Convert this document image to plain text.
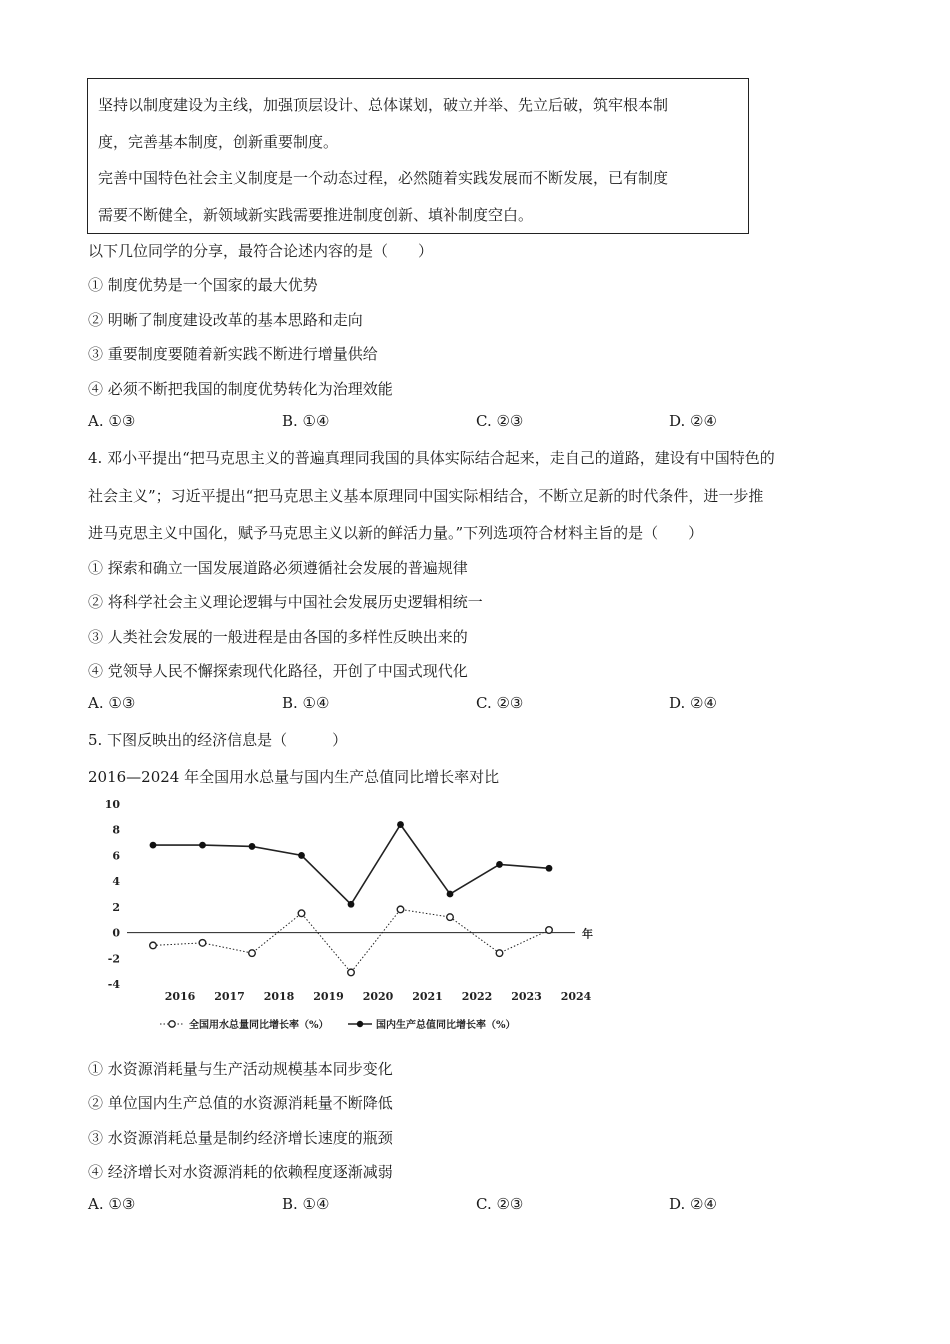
坚持以制度建设为主线，加强顶层设计、总体谋划，破立并举、先立后破，筑牢根本制

度，完善基本制度，创新重要制度。

完善中国特色社会主义制度是一个动态过程，必然随着实践发展而不断发展，已有制度

需要不断健全，新领域新实践需要推进制度创新、填补制度空白。

以下几位同学的分享，最符合论述内容的是（　　）
① 制度优势是一个国家的最大优势
② 明晰了制度建设改革的基本思路和走向
③ 重要制度要随着新实践不断进行增量供给
④ 必须不断把我国的制度优势转化为治理效能
A. ①③	B. ①④	C. ②③	D. ②④
4. 邓小平提出“把马克思主义的普遍真理同我国的具体实际结合起来，走自己的道路，建设有中国特色的
社会主义”；习近平提出“把马克思主义基本原理同中国实际相结合，不断立足新的时代条件，进一步推
进马克思主义中国化，赋予马克思主义以新的鲜活力量。”下列选项符合材料主旨的是（　　）
① 探索和确立一国发展道路必须遵循社会发展的普遍规律
② 将科学社会主义理论逻辑与中国社会发展历史逻辑相统一
③ 人类社会发展的一般进程是由各国的多样性反映出来的
④ 党领导人民不懈探索现代化路径，开创了中国式现代化
A. ①③	B. ①④	C. ②③	D. ②④
5. 下图反映出的经济信息是（　　　）
2016—2024 年全国用水总量与国内生产总值同比增长率对比
10
8
6
4
2
0
-2
-4
年
2016 2017 2018 2019 2020 2021 2022 2023 2024
全国用水总量同比增长率（%）	国内生产总值同比增长率（%）
① 水资源消耗量与生产活动规模基本同步变化
② 单位国内生产总值的水资源消耗量不断降低
③ 水资源消耗总量是制约经济增长速度的瓶颈
④ 经济增长对水资源消耗的依赖程度逐渐减弱
A. ①③	B. ①④	C. ②③	D. ②④
